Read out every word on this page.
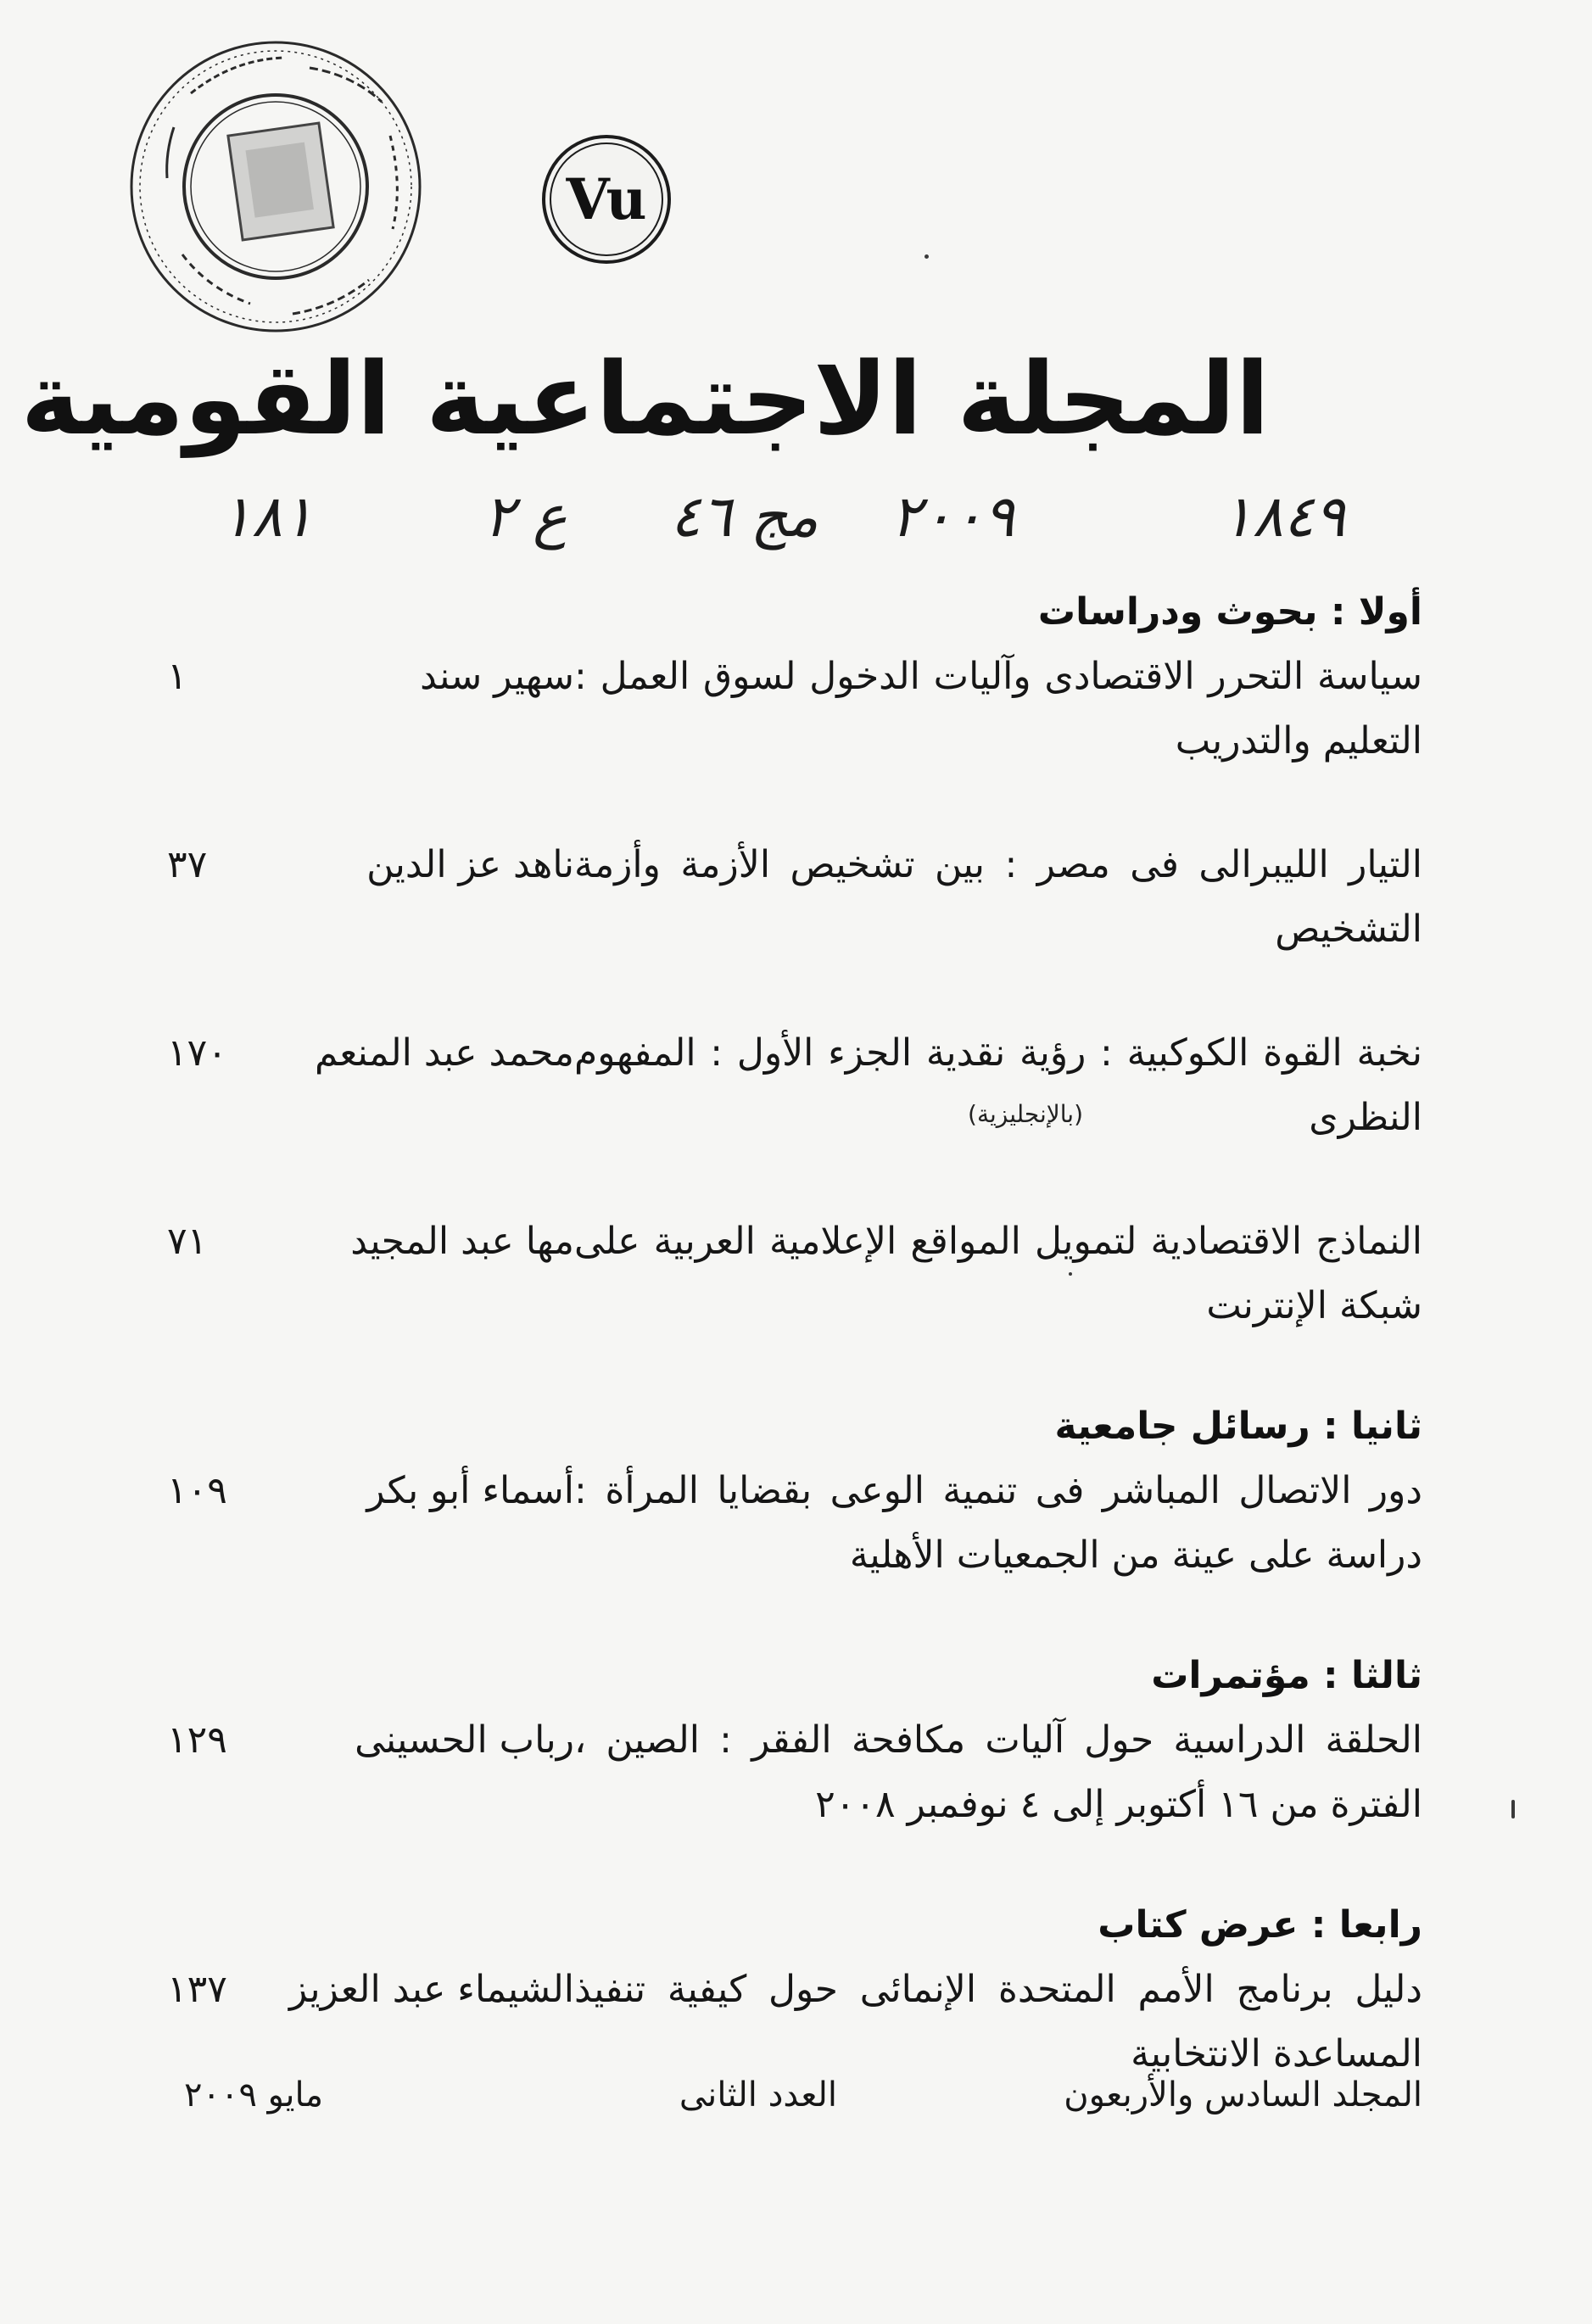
Vu
المجلة الاجتماعية القومية
١٨١	ع ٢ مج ٤٦ ٢٠٠٩	١٨٤٩
أولا : بحوث ودراسات
سياسة التحرر الاقتصادى وآليات الدخول لسوق العمل : التعليم والتدريب
سهير سند
١
التيار الليبرالى فى مصر : بين تشخيص الأزمة وأزمة التشخيص
ناهد عز الدين
٣٧
نخبة القوة الكوكبية : رؤية نقدية الجزء الأول : المفهوم النظرى
محمد عبد المنعم
١٧٠
(بالإنجليزية)
النماذج الاقتصادية لتمويل المواقع الإعلامية العربية على شبكة الإنترنت
مها عبد المجيد
٧١
ثانيا : رسائل جامعية
دور الاتصال المباشر فى تنمية الوعى بقضايا المرأة : دراسة على عينة من الجمعيات الأهلية
أسماء أبو بكر
١٠٩
ثالثا : مؤتمرات
الحلقة الدراسية حول آليات مكافحة الفقر : الصين ، الفترة من ١٦ أكتوبر إلى ٤ نوفمبر ٢٠٠٨
رباب الحسينى
١٢٩
رابعا : عرض كتاب
دليل برنامج الأمم المتحدة الإنمائى حول كيفية تنفيذ المساعدة الانتخابية
الشيماء عبد العزيز
١٣٧
المجلد السادس والأربعون
العدد الثانى
مايو ٢٠٠٩
